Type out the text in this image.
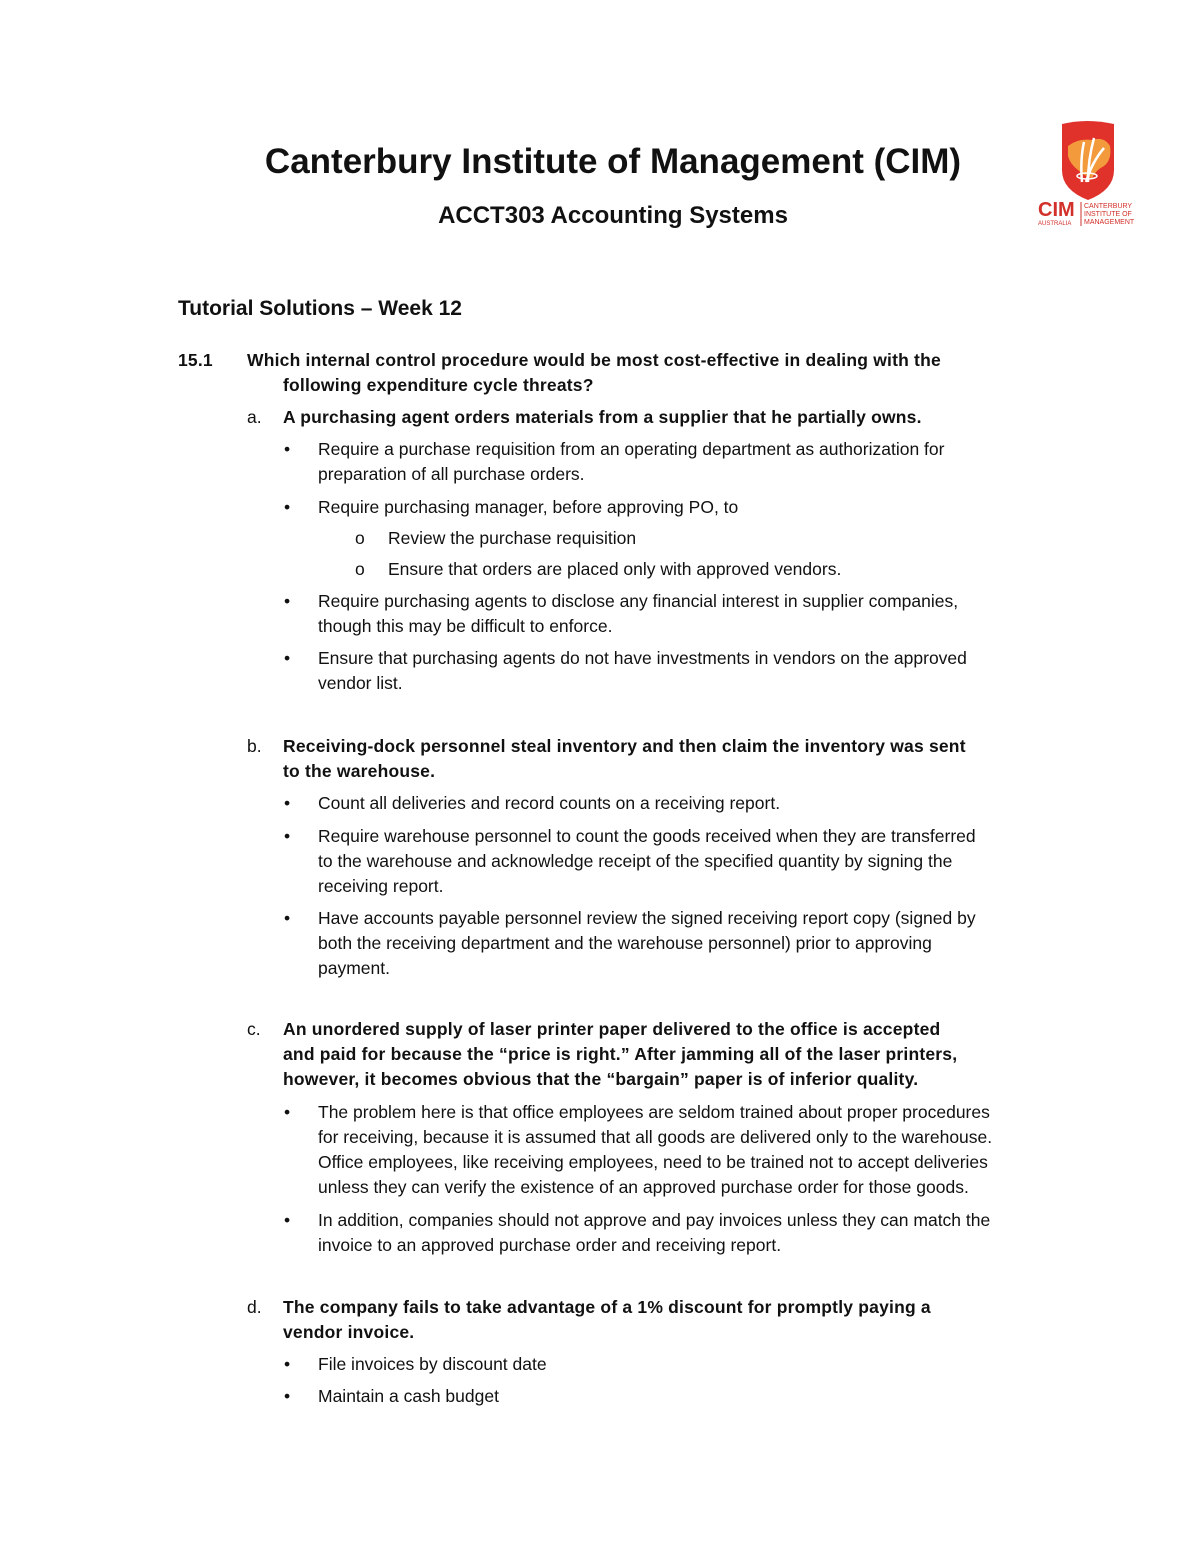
Canterbury Institute of Management (CIM)
ACCT303 Accounting Systems	CIM CANTERBURY
INSTITUTE OF
MANAGEMENT
AUSTRALIA
Tutorial Solutions – Week 12
15.1 Which internal control procedure would be most cost-effective in dealing with the
following expenditure cycle threats?
a. A purchasing agent orders materials from a supplier that he partially owns.
• Require a purchase requisition from an operating department as authorization for
preparation of all purchase orders.
• Require purchasing manager, before approving PO, to
o Review the purchase requisition
o Ensure that orders are placed only with approved vendors.
• Require purchasing agents to disclose any financial interest in supplier companies,
though this may be difficult to enforce.
• Ensure that purchasing agents do not have investments in vendors on the approved
vendor list.
b. Receiving-dock personnel steal inventory and then claim the inventory was sent
to the warehouse.
• Count all deliveries and record counts on a receiving report.
• Require warehouse personnel to count the goods received when they are transferred
to the warehouse and acknowledge receipt of the specified quantity by signing the
receiving report.
• Have accounts payable personnel review the signed receiving report copy (signed by
both the receiving department and the warehouse personnel) prior to approving
payment.
c. An unordered supply of laser printer paper delivered to the office is accepted
and paid for because the “price is right.” After jamming all of the laser printers,
however, it becomes obvious that the “bargain” paper is of inferior quality.
• The problem here is that office employees are seldom trained about proper procedures
for receiving, because it is assumed that all goods are delivered only to the warehouse.
Office employees, like receiving employees, need to be trained not to accept deliveries
unless they can verify the existence of an approved purchase order for those goods.
• In addition, companies should not approve and pay invoices unless they can match the
invoice to an approved purchase order and receiving report.
d. The company fails to take advantage of a 1% discount for promptly paying a
vendor invoice.
• File invoices by discount date
• Maintain a cash budget
